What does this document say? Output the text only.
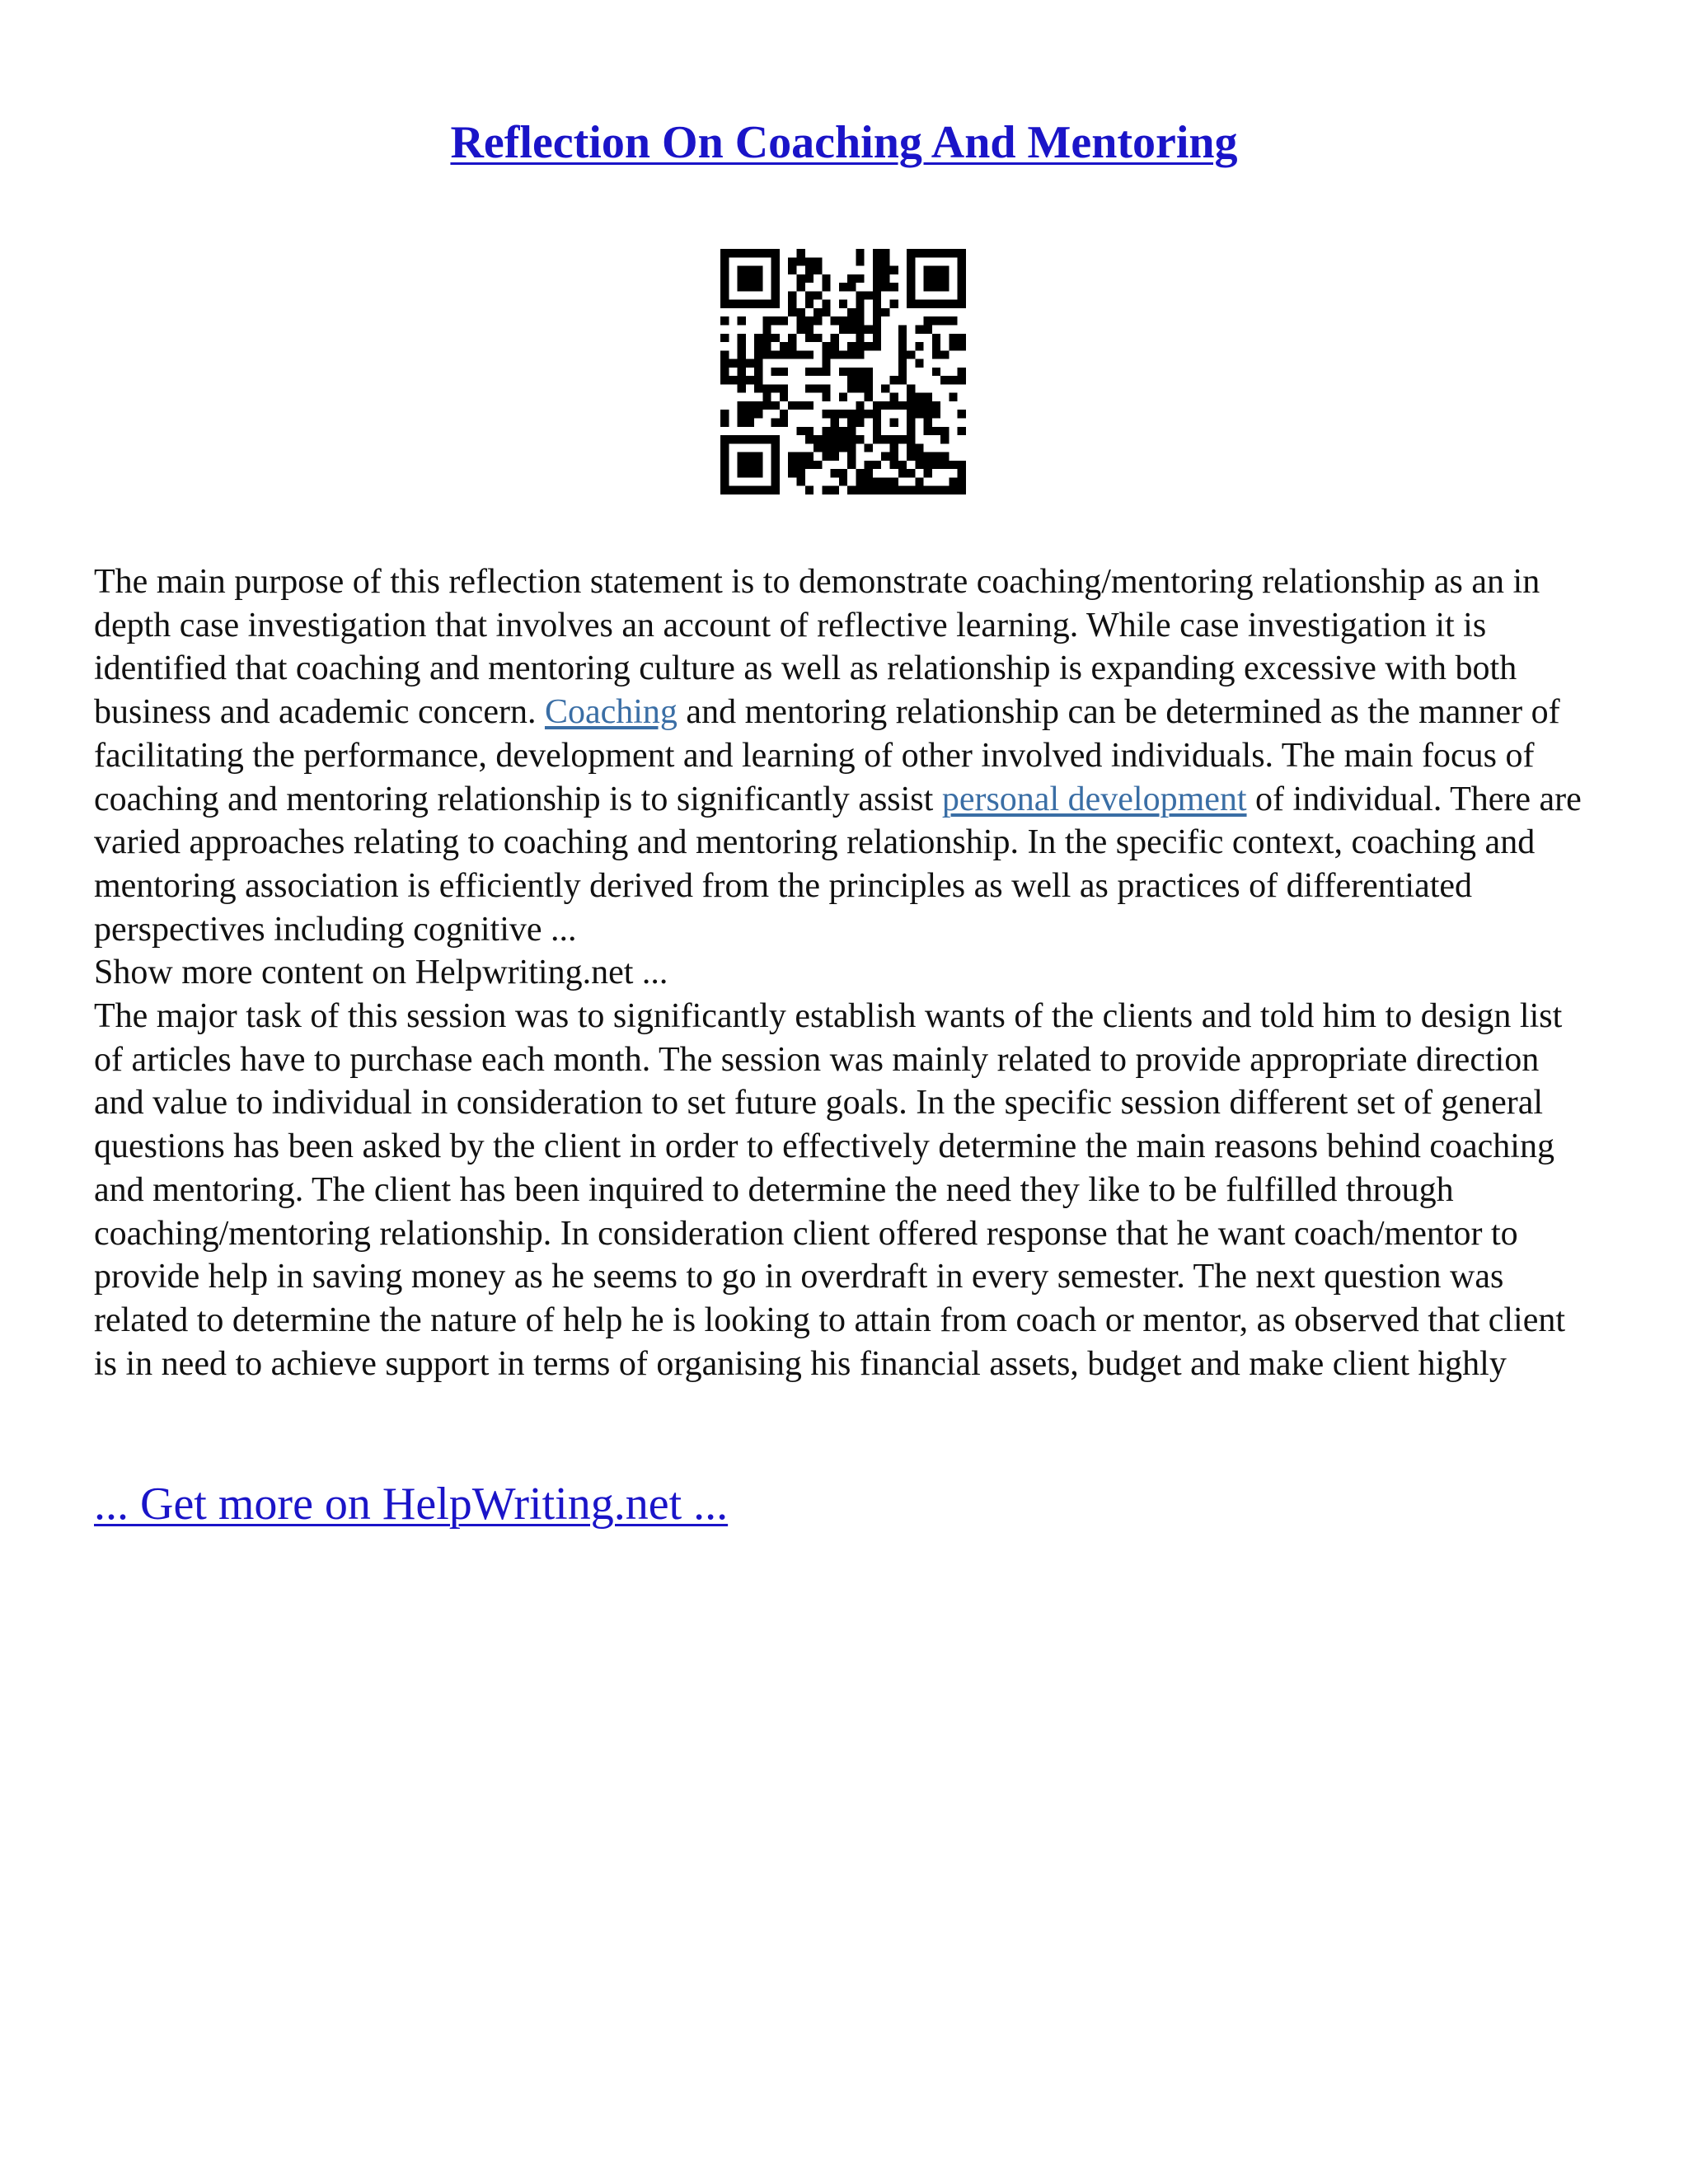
Reflection On Coaching And Mentoring

The main purpose of this reflection statement is to demonstrate coaching/mentoring relationship as an in depth case investigation that involves an account of reflective learning. While case investigation it is identified that coaching and mentoring culture as well as relationship is expanding excessive with both business and academic concern. Coaching and mentoring relationship can be determined as the manner of facilitating the performance, development and learning of other involved individuals. The main focus of coaching and mentoring relationship is to significantly assist personal development of individual. There are varied approaches relating to coaching and mentoring relationship. In the specific context, coaching and mentoring association is efficiently derived from the principles as well as practices of differentiated perspectives including cognitive ...

Show more content on Helpwriting.net ...

The major task of this session was to significantly establish wants of the clients and told him to design list of articles have to purchase each month. The session was mainly related to provide appropriate direction and value to individual in consideration to set future goals. In the specific session different set of general questions has been asked by the client in order to effectively determine the main reasons behind coaching and mentoring. The client has been inquired to determine the need they like to be fulfilled through coaching/mentoring relationship. In consideration client offered response that he want coach/mentor to provide help in saving money as he seems to go in overdraft in every semester. The next question was related to determine the nature of help he is looking to attain from coach or mentor, as observed that client is in need to achieve support in terms of organising his financial assets, budget and make client highly

... Get more on HelpWriting.net ...
